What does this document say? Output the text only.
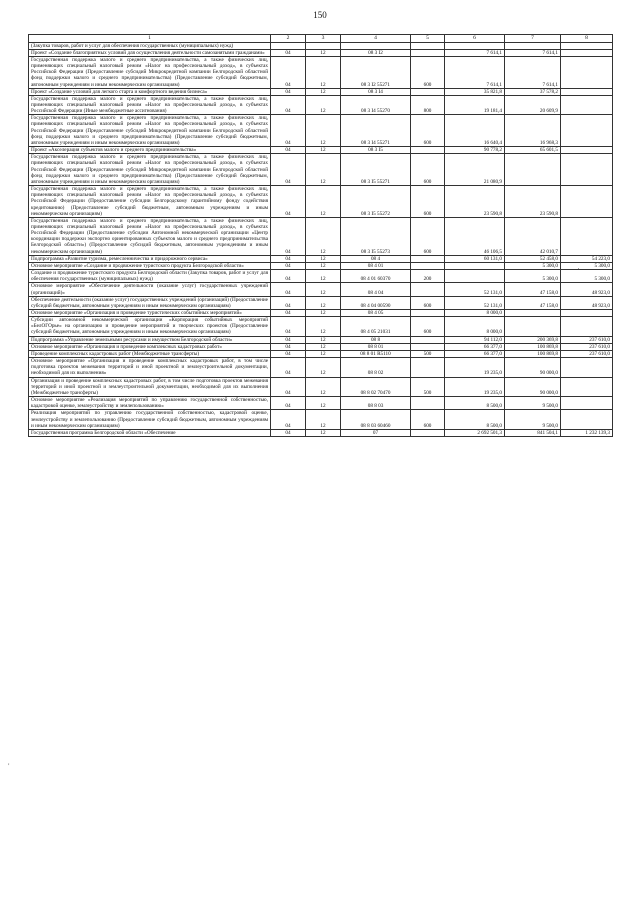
150
'
,
1	2	3	4	5	6	7	8
(Закупка товаров, работ и услуг для обеспечения государственных (муниципальных) нужд)							
Проект «Создание благоприятных условий для осуществления деятельности самозанятыми гражданами»	04	12	08 3 I2		7 614,1	7 614,1	
Государственная поддержка малого и среднего предпринимательства, а также физических лиц, применяющих специальный налоговый режим «Налог на профессиональный доход», в субъектах Российской Федерации (Предоставление субсидий Микрокредитной компании Белгородской областной фонд поддержки малого и среднего предпринимательства) (Предоставление субсидий бюджетным, автономным учреждениям и иным некоммерческим организациям)	04	12	08 3 I2 55271	600	7 614,1	7 614,1	
Проект «Создание условий для легкого старта и комфортного ведения бизнеса»	04	12	08 3 I4		35 821,8	37 578,2	
Государственная поддержка малого и среднего предпринимательства, а также физических лиц, применяющих специальный налоговый режим «Налог на профессиональный доход», в субъектах Российской Федерации (Иные межбюджетные ассигнования)	04	12	08 3 I4 55270	800	19 181,4	20 609,9	
Государственная поддержка малого и среднего предпринимательства, а также физических лиц, применяющих специальный налоговый режим «Налог на профессиональный доход», в субъектах Российской Федерации (Предоставление субсидий Микрокредитной компании Белгородской областной фонд поддержки малого и среднего предпринимательства) (Предоставление субсидий бюджетным, автономным учреждениям и иным некоммерческим организациям)	04	12	08 3 I4 55271	600	16 640,4	16 968,3	
Проект «Акселерация субъектов малого и среднего предпринимательства»	04	12	08 3 I5		90 778,2	65 601,5	
Государственная поддержка малого и среднего предпринимательства, а также физических лиц, применяющих специальный налоговый режим «Налог на профессиональный доход», в субъектах Российской Федерации (Предоставление субсидий Микрокредитной компании Белгородской областной фонд поддержки малого и среднего предпринимательства) (Предоставление субсидий бюджетным, автономным учреждениям и иным некоммерческим организациям)	04	12	08 3 I5 55271	600	21 080,9		
Государственная поддержка малого и среднего предпринимательства, а также физических лиц, применяющих специальный налоговый режим «Налог на профессиональный доход», в субъектах Российской Федерации (Предоставление субсидии Белгородскому гарантийному фонду содействия кредитованию) (Предоставление субсидий бюджетным, автономным учреждениям и иным некоммерческим организациям)	04	12	08 3 I5 55272	600	23 590,8	23 590,8	
Государственная поддержка малого и среднего предпринимательства, а также физических лиц, применяющих специальный налоговый режим «Налог на профессиональный доход», в субъектах Российской Федерации (Предоставление субсидии Автономной некоммерческой организации «Центр координации поддержки экспортно ориентированных субъектов малого и среднего предпринимательства Белгородской области») (Предоставление субсидий бюджетным, автономным учреждениям и иным некоммерческим организациям)	04	12	08 3 I5 55273	600	46 106,5	42 010,7	
Подпрограмма «Развитие туризма, ремесленничества и придорожного сервиса»	04	12	08 4		60 131,0	52 458,0	54 223,0
Основное мероприятие «Создание и продвижение туристского продукта Белгородской области»	04	12	08 4 01			5 300,0	5 300,0
Создание и продвижение туристского продукта Белгородской области (Закупка товаров, работ и услуг для обеспечения государственных (муниципальных) нужд)	04	12	08 4 01 60370	200		5 300,0	5 300,0
Основное мероприятие «Обеспечение деятельности (оказание услуг) государственных учреждений (организаций)»	04	12	08 4 04		52 131,0	47 158,0	48 923,0
Обеспечение деятельности (оказание услуг) государственных учреждений (организаций) (Предоставление субсидий бюджетным, автономным учреждениям и иным некоммерческим организациям)	04	12	08 4 04 00590	600	52 131,0	47 158,0	48 923,0
Основное мероприятие «Организация и проведение туристических событийных мероприятий»	04	12	08 4 05		8 000,0		
Субсидии автономной некоммерческой организации «Корпорация событийных мероприятий «БелОГОрье» на организацию и проведение мероприятий и творческих проектов (Предоставление субсидий бюджетным, автономным учреждениям и иным некоммерческим организациям)	04	12	08 4 05 21031	600	8 000,0		
Подпрограмма «Управление земельными ресурсами и имуществом Белгородской области»	04	12	08 8		94 112,0	200 369,8	237 610,0
Основное мероприятие «Организация и проведение комплексных кадастровых работ»	04	12	08 8 01		66 377,0	100 869,8	237 610,0
Проведение комплексных кадастровых работ (Межбюджетные трансферты)	04	12	08 8 01 R5110	500	66 377,0	100 869,8	237 610,0
Основное мероприятие «Организация и проведение комплексных кадастровых работ, в том числе подготовка проектов межевания территорий и иной проектной и землеустроительной документации, необходимой для их выполнения»	04	12	08 8 02		19 235,0	90 000,0	
Организация и проведение комплексных кадастровых работ, в том числе подготовка проектов межевания территорий и иной проектной и землеустроительной документации, необходимой для их выполнения (Межбюджетные трансферты)	04	12	08 8 02 70470	500	19 235,0	90 000,0	
Основное мероприятие «Реализация мероприятий по управлению государственной собственностью, кадастровой оценке, землеустройству и землепользованию»	04	12	08 8 03		8 500,0	9 500,0	
Реализация мероприятий по управлению государственной собственностью, кадастровой оценке, землеустройству и землепользованию (Предоставление субсидий бюджетным, автономным учреждениям и иным некоммерческим организациям)	04	12	08 8 03 60460	600	8 500,0	9 500,0	
Государственная программа Белгородской области «Обеспечение	04	12	07		2 692 501,3	841 504,1	1 232 139,3
